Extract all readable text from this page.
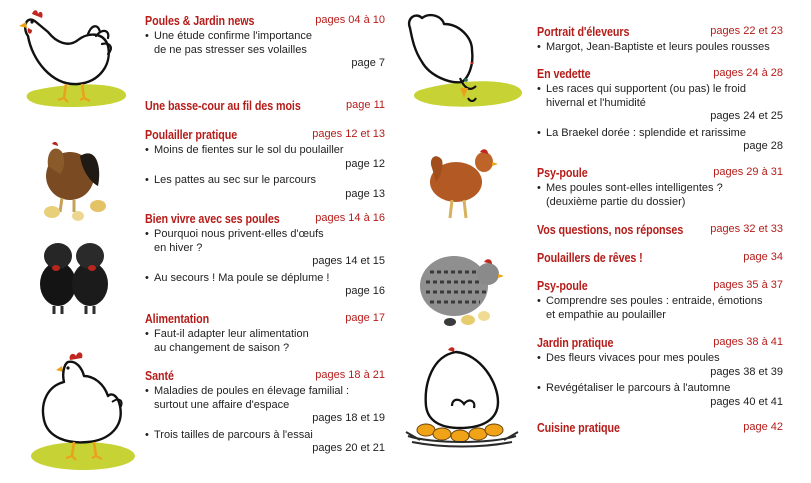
Poules & Jardin news	pages 04 à 10
• Une étude confirme l'importance
de ne pas stresser ses volailles
page 7
Une basse-cour au fil des mois	page 11
Poulailler pratique	pages 12 et 13
• Moins de fientes sur le sol du poulailler
page 12
• Les pattes au sec sur le parcours
page 13
Bien vivre avec ses poules	pages 14 à 16
• Pourquoi nous privent-elles d'œufs
en hiver ?
pages 14 et 15
• Au secours ! Ma poule se déplume !
page 16
Alimentation	page 17
• Faut-il adapter leur alimentation
au changement de saison ?
Santé	pages 18 à 21
• Maladies de poules en élevage familial :
surtout une affaire d'espace
pages 18 et 19
• Trois tailles de parcours à l'essai
pages 20 et 21
Portrait d'éleveurs	pages 22 et 23
• Margot, Jean-Baptiste et leurs poules rousses
En vedette	pages 24 à 28
• Les races qui supportent (ou pas) le froid
hivernal et l'humidité
pages 24 et 25
• La Braekel dorée : splendide et rarissime
page 28
Psy-poule	pages 29 à 31
• Mes poules sont-elles intelligentes ?
(deuxième partie du dossier)
Vos questions, nos réponses pages 32 et 33
Poulaillers de rêves !	page 34
Psy-poule	pages 35 à 37
• Comprendre ses poules : entraide, émotions
et empathie au poulailler
Jardin pratique	pages 38 à 41
• Des fleurs vivaces pour mes poules
pages 38 et 39
• Revégétaliser le parcours à l'automne
pages 40 et 41
Cuisine pratique	page 42
